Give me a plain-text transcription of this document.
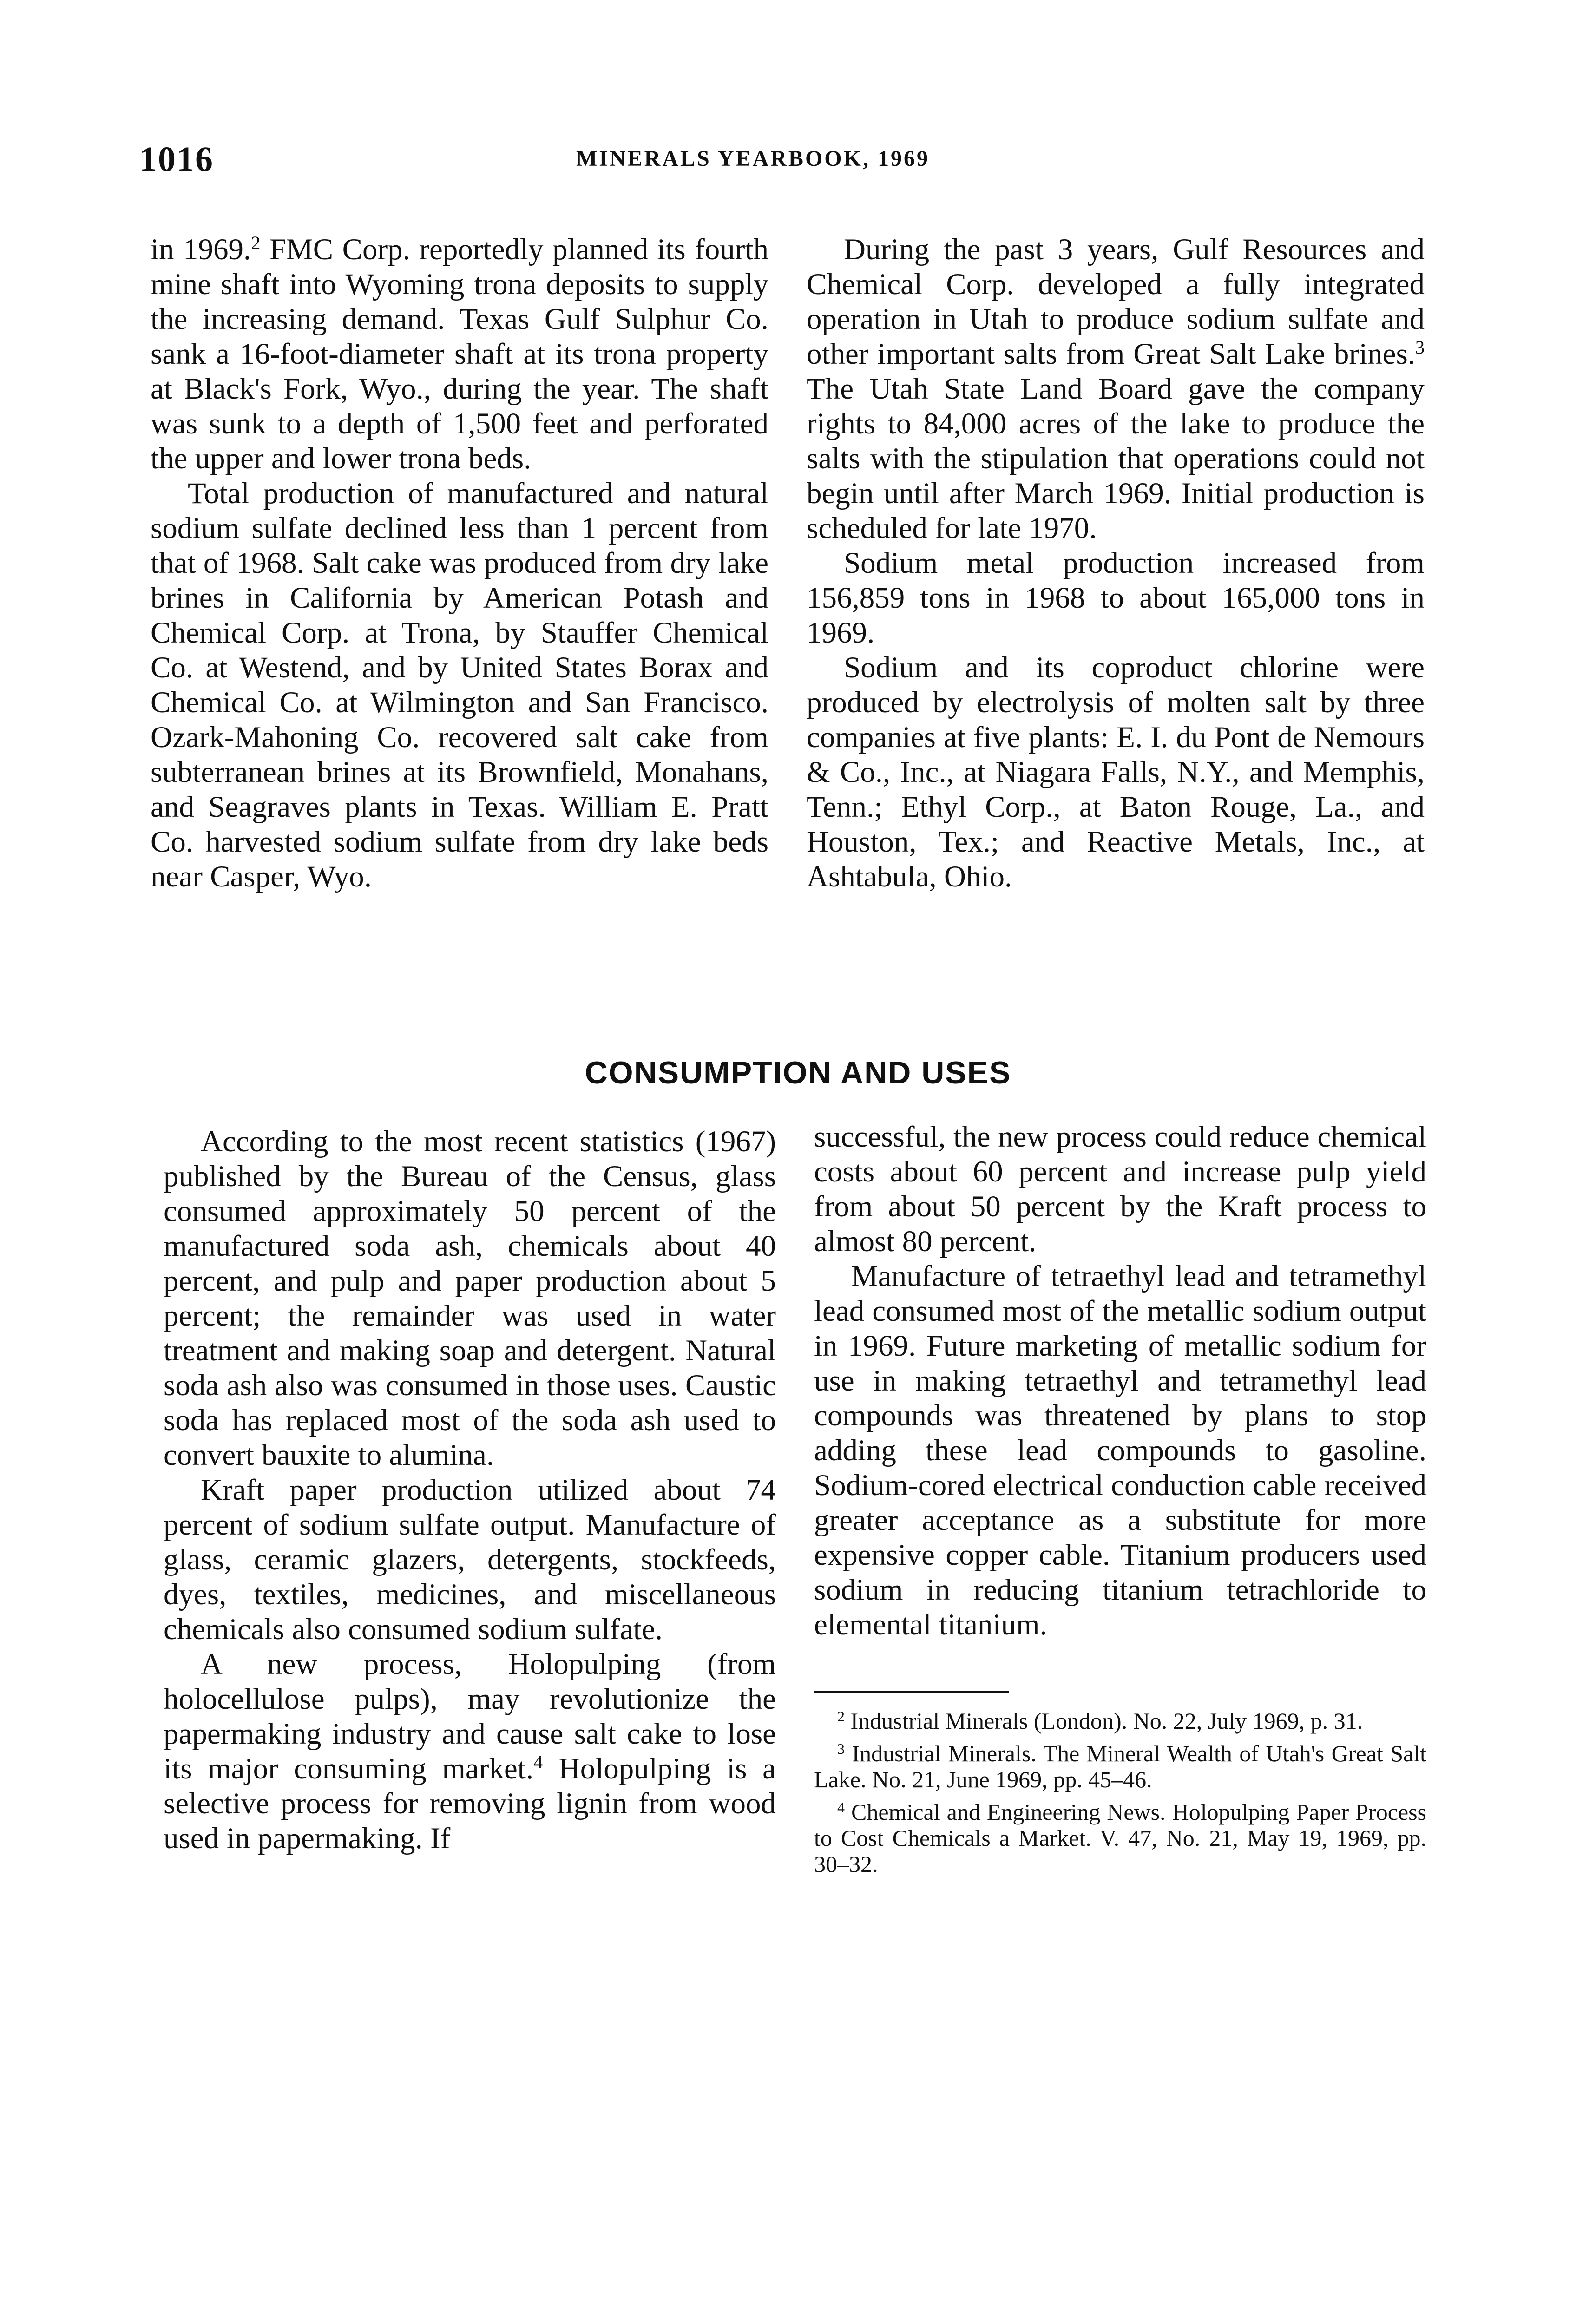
1016	MINERALS YEARBOOK, 1969

in 1969.$^2$ FMC Corp. reportedly planned its fourth mine shaft into Wyoming trona deposits to supply the increasing demand. Texas Gulf Sulphur Co. sank a 16-foot-diameter shaft at its trona property at Black's Fork, Wyo., during the year. The shaft was sunk to a depth of 1,500 feet and perforated the upper and lower trona beds.

Total production of manufactured and natural sodium sulfate declined less than 1 percent from that of 1968. Salt cake was produced from dry lake brines in California by American Potash and Chemical Corp. at Trona, by Stauffer Chemical Co. at Westend, and by United States Borax and Chemical Co. at Wilmington and San Francisco. Ozark-Mahoning Co. recovered salt cake from subterranean brines at its Brownfield, Monahans, and Seagraves plants in Texas. William E. Pratt Co. harvested sodium sulfate from dry lake beds near Casper, Wyo.

During the past 3 years, Gulf Resources and Chemical Corp. developed a fully integrated operation in Utah to produce sodium sulfate and other important salts from Great Salt Lake brines.$^3$ The Utah State Land Board gave the company rights to 84,000 acres of the lake to produce the salts with the stipulation that operations could not begin until after March 1969. Initial production is scheduled for late 1970.

Sodium metal production increased from 156,859 tons in 1968 to about 165,000 tons in 1969.

Sodium and its coproduct chlorine were produced by electrolysis of molten salt by three companies at five plants: E. I. du Pont de Nemours & Co., Inc., at Niagara Falls, N.Y., and Memphis, Tenn.; Ethyl Corp., at Baton Rouge, La., and Houston, Tex.; and Reactive Metals, Inc., at Ashtabula, Ohio.

CONSUMPTION AND USES

According to the most recent statistics (1967) published by the Bureau of the Census, glass consumed approximately 50 percent of the manufactured soda ash, chemicals about 40 percent, and pulp and paper production about 5 percent; the remainder was used in water treatment and making soap and detergent. Natural soda ash also was consumed in those uses. Caustic soda has replaced most of the soda ash used to convert bauxite to alumina.

Kraft paper production utilized about 74 percent of sodium sulfate output. Manufacture of glass, ceramic glazers, detergents, stockfeeds, dyes, textiles, medicines, and miscellaneous chemicals also consumed sodium sulfate.

A new process, Holopulping (from holocellulose pulps), may revolutionize the papermaking industry and cause salt cake to lose its major consuming market.$^4$ Holopulping is a selective process for removing lignin from wood used in papermaking. If

successful, the new process could reduce chemical costs about 60 percent and increase pulp yield from about 50 percent by the Kraft process to almost 80 percent.

Manufacture of tetraethyl lead and tetramethyl lead consumed most of the metallic sodium output in 1969. Future marketing of metallic sodium for use in making tetraethyl and tetramethyl lead compounds was threatened by plans to stop adding these lead compounds to gasoline. Sodium-cored electrical conduction cable received greater acceptance as a substitute for more expensive copper cable. Titanium producers used sodium in reducing titanium tetrachloride to elemental titanium.

$^2$ Industrial Minerals (London). No. 22, July 1969, p. 31.

$^3$ Industrial Minerals. The Mineral Wealth of Utah's Great Salt Lake. No. 21, June 1969, pp. 45–46.

$^4$ Chemical and Engineering News. Holopulping Paper Process to Cost Chemicals a Market. V. 47, No. 21, May 19, 1969, pp. 30–32.
